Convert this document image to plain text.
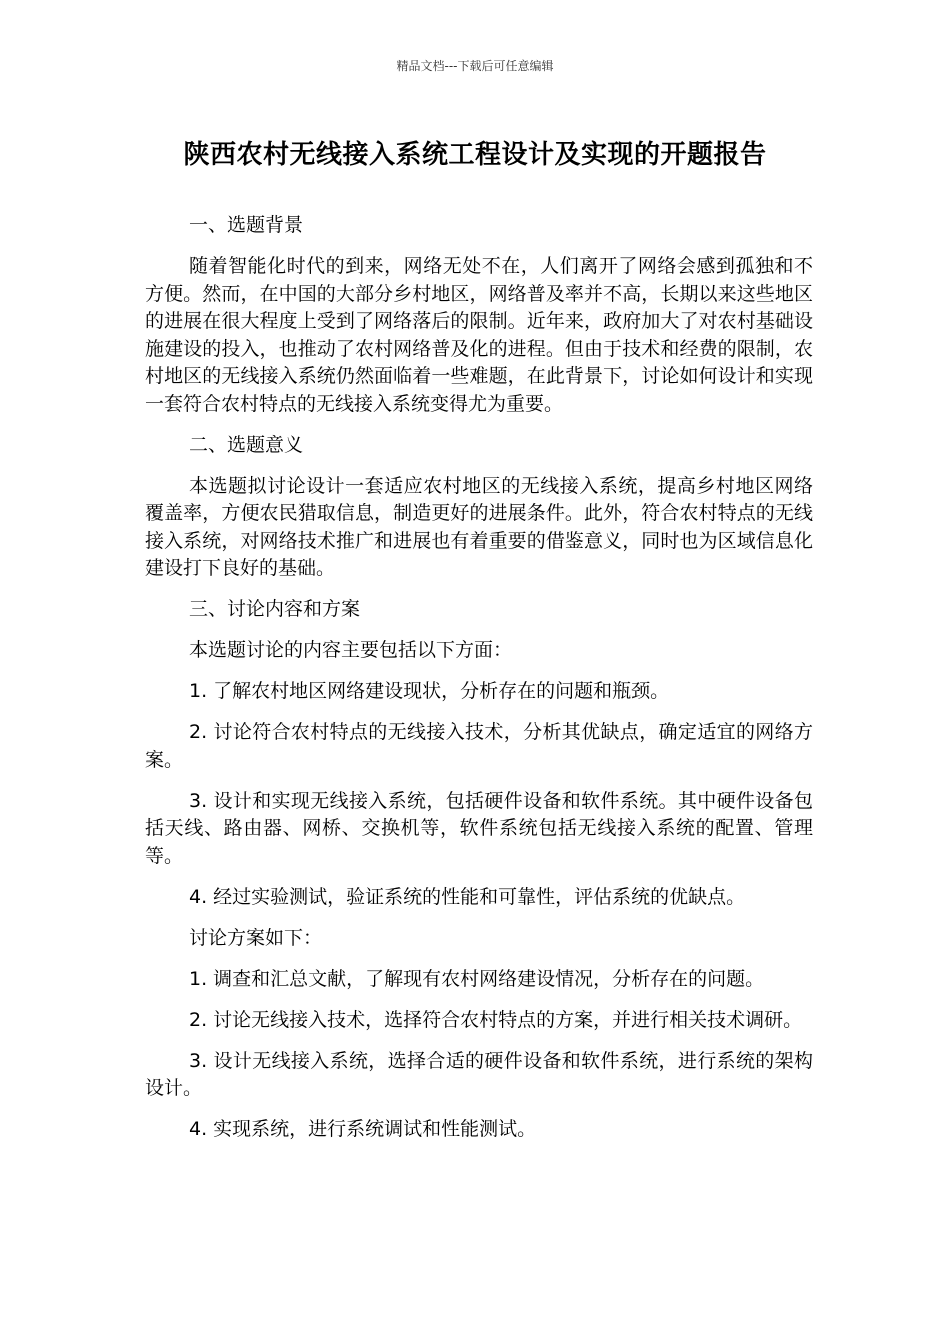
精品文档---下载后可任意编辑
陕西农村无线接入系统工程设计及实现的开题报告

一、选题背景

随着智能化时代的到来，网络无处不在，人们离开了网络会感到孤独和不方便。然而，在中国的大部分乡村地区，网络普及率并不高，长期以来这些地区的进展在很大程度上受到了网络落后的限制。近年来，政府加大了对农村基础设施建设的投入，也推动了农村网络普及化的进程。但由于技术和经费的限制，农村地区的无线接入系统仍然面临着一些难题，在此背景下，讨论如何设计和实现一套符合农村特点的无线接入系统变得尤为重要。

二、选题意义

本选题拟讨论设计一套适应农村地区的无线接入系统，提高乡村地区网络覆盖率，方便农民猎取信息，制造更好的进展条件。此外，符合农村特点的无线接入系统，对网络技术推广和进展也有着重要的借鉴意义，同时也为区域信息化建设打下良好的基础。

三、讨论内容和方案

本选题讨论的内容主要包括以下方面：

1. 了解农村地区网络建设现状，分析存在的问题和瓶颈。

2. 讨论符合农村特点的无线接入技术，分析其优缺点，确定适宜的网络方案。

3. 设计和实现无线接入系统，包括硬件设备和软件系统。其中硬件设备包括天线、路由器、网桥、交换机等，软件系统包括无线接入系统的配置、管理等。

4. 经过实验测试，验证系统的性能和可靠性，评估系统的优缺点。

讨论方案如下：

1. 调查和汇总文献，了解现有农村网络建设情况，分析存在的问题。

2. 讨论无线接入技术，选择符合农村特点的方案，并进行相关技术调研。

3. 设计无线接入系统，选择合适的硬件设备和软件系统，进行系统的架构设计。

4. 实现系统，进行系统调试和性能测试。
